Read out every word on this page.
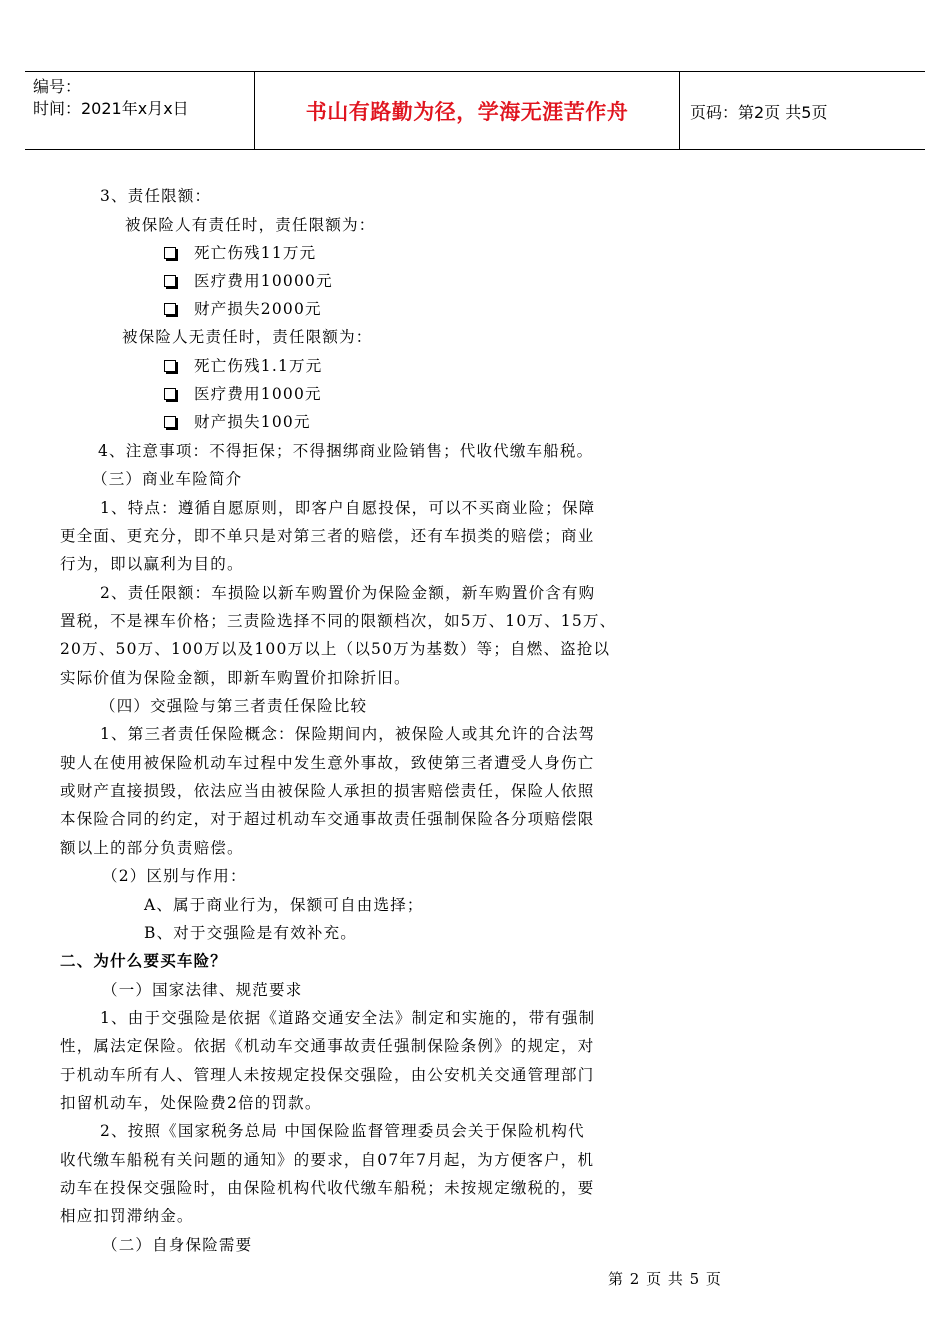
编号：
时间：2021年x月x日	书山有路勤为径，学海无涯苦作舟	页码：第2页 共5页
3、责任限额：
被保险人有责任时，责任限额为：
死亡伤残11万元
医疗费用10000元
财产损失2000元
被保险人无责任时，责任限额为：
死亡伤残1.1万元
医疗费用1000元
财产损失100元
4、注意事项：不得拒保；不得捆绑商业险销售；代收代缴车船税。
（三）商业车险简介
1、特点：遵循自愿原则，即客户自愿投保，可以不买商业险；保障
更全面、更充分，即不单只是对第三者的赔偿，还有车损类的赔偿；商业
行为，即以赢利为目的。
2、责任限额：车损险以新车购置价为保险金额，新车购置价含有购
置税，不是裸车价格；三责险选择不同的限额档次，如5万、10万、15万、
20万、50万、100万以及100万以上（以50万为基数）等；自燃、盗抢以
实际价值为保险金额，即新车购置价扣除折旧。
（四）交强险与第三者责任保险比较
1、第三者责任保险概念：保险期间内，被保险人或其允许的合法驾
驶人在使用被保险机动车过程中发生意外事故，致使第三者遭受人身伤亡
或财产直接损毁，依法应当由被保险人承担的损害赔偿责任，保险人依照
本保险合同的约定，对于超过机动车交通事故责任强制保险各分项赔偿限
额以上的部分负责赔偿。
（2）区别与作用：
A、属于商业行为，保额可自由选择；
B、对于交强险是有效补充。
二、为什么要买车险？
（一）国家法律、规范要求
1、由于交强险是依据《道路交通安全法》制定和实施的，带有强制
性，属法定保险。依据《机动车交通事故责任强制保险条例》的规定，对
于机动车所有人、管理人未按规定投保交强险，由公安机关交通管理部门
扣留机动车，处保险费2倍的罚款。
2、按照《国家税务总局 中国保险监督管理委员会关于保险机构代
收代缴车船税有关问题的通知》的要求，自07年7月起，为方便客户，机
动车在投保交强险时，由保险机构代收代缴车船税；未按规定缴税的，要
相应扣罚滞纳金。
（二）自身保险需要
第 2 页 共 5 页
